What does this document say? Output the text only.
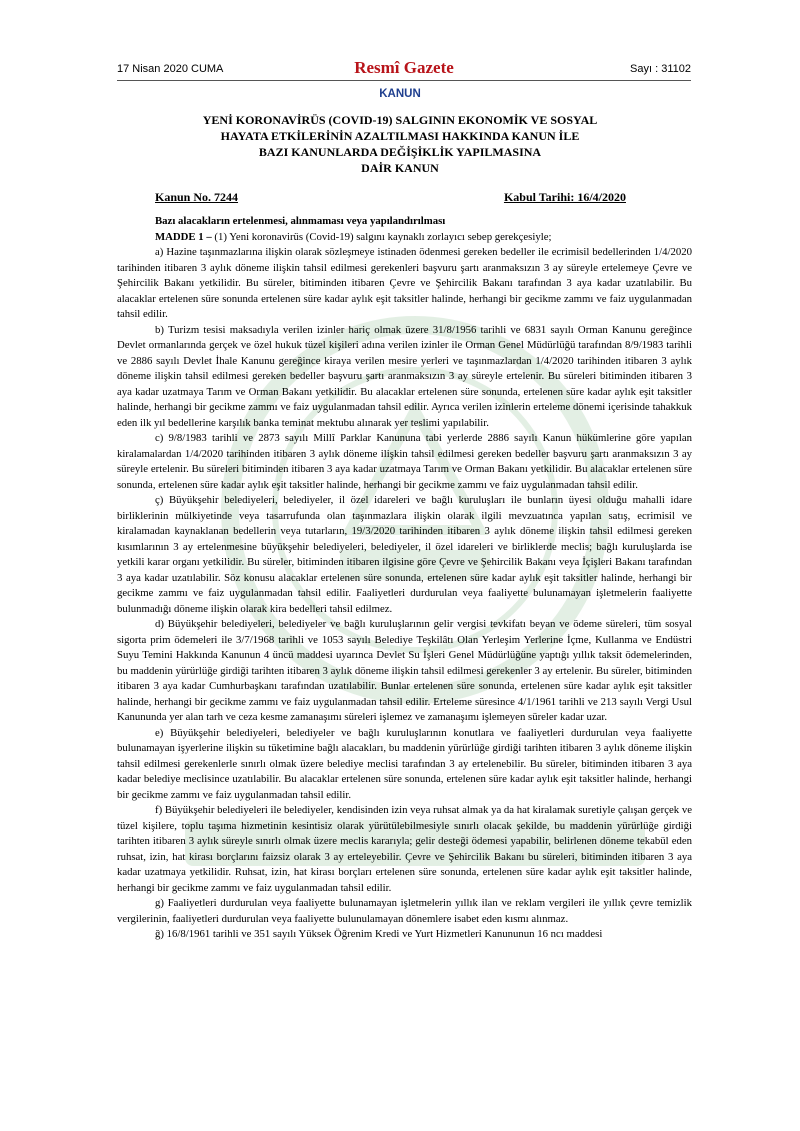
17 Nisan 2020 CUMA	Resmî Gazete	Sayı : 31102
KANUN
YENİ KORONAVİRÜS (COVID-19) SALGININ EKONOMİK VE SOSYAL
HAYATA ETKİLERİNİN AZALTILMASI HAKKINDA KANUN İLE
BAZI KANUNLARDA DEĞİŞİKLİK YAPILMASINA
DAİR KANUN
Kanun No. 7244	Kabul Tarihi: 16/4/2020

Bazı alacakların ertelenmesi, alınmaması veya yapılandırılması

MADDE 1 – (1) Yeni koronavirüs (Covid-19) salgını kaynaklı zorlayıcı sebep gerekçesiyle;

a) Hazine taşınmazlarına ilişkin olarak sözleşmeye istinaden ödenmesi gereken bedeller ile ecrimisil bedellerinden 1/4/2020 tarihinden itibaren 3 aylık döneme ilişkin tahsil edilmesi gerekenleri başvuru şartı aranmaksızın 3 ay süreyle ertelemeye Çevre ve Şehircilik Bakanı yetkilidir. Bu süreler, bitiminden itibaren Çevre ve Şehircilik Bakanı tarafından 3 aya kadar uzatılabilir. Bu alacaklar ertelenen süre sonunda ertelenen süre kadar aylık eşit taksitler halinde, herhangi bir gecikme zammı ve faiz uygulanmadan tahsil edilir.

b) Turizm tesisi maksadıyla verilen izinler hariç olmak üzere 31/8/1956 tarihli ve 6831 sayılı Orman Kanunu gereğince Devlet ormanlarında gerçek ve özel hukuk tüzel kişileri adına verilen izinler ile Orman Genel Müdürlüğü tarafından 8/9/1983 tarihli ve 2886 sayılı Devlet İhale Kanunu gereğince kiraya verilen mesire yerleri ve taşınmazlardan 1/4/2020 tarihinden itibaren 3 aylık döneme ilişkin tahsil edilmesi gereken bedeller başvuru şartı aranmaksızın 3 ay süreyle ertelenir. Bu süreleri bitiminden itibaren 3 aya kadar uzatmaya Tarım ve Orman Bakanı yetkilidir. Bu alacaklar ertelenen süre sonunda, ertelenen süre kadar aylık eşit taksitler halinde, herhangi bir gecikme zammı ve faiz uygulanmadan tahsil edilir. Ayrıca verilen izinlerin erteleme dönemi içerisinde tahakkuk eden ilk yıl bedellerine karşılık banka teminat mektubu alınarak yer teslimi yapılabilir.

c) 9/8/1983 tarihli ve 2873 sayılı Millî Parklar Kanununa tabi yerlerde 2886 sayılı Kanun hükümlerine göre yapılan kiralamalardan 1/4/2020 tarihinden itibaren 3 aylık döneme ilişkin tahsil edilmesi gereken bedeller başvuru şartı aranmaksızın 3 ay süreyle ertelenir. Bu süreleri bitiminden itibaren 3 aya kadar uzatmaya Tarım ve Orman Bakanı yetkilidir. Bu alacaklar ertelenen süre sonunda, ertelenen süre kadar aylık eşit taksitler halinde, herhangi bir gecikme zammı ve faiz uygulanmadan tahsil edilir.

ç) Büyükşehir belediyeleri, belediyeler, il özel idareleri ve bağlı kuruluşları ile bunların üyesi olduğu mahalli idare birliklerinin mülkiyetinde veya tasarrufunda olan taşınmazlara ilişkin olarak ilgili mevzuatınca yapılan satış, ecrimisil ve kiralamadan kaynaklanan bedellerin veya tutarların, 19/3/2020 tarihinden itibaren 3 aylık döneme ilişkin tahsil edilmesi gereken kısımlarının 3 ay ertelenmesine büyükşehir belediyeleri, belediyeler, il özel idareleri ve birliklerde meclis; bağlı kuruluşlarda ise yetkili karar organı yetkilidir. Bu süreler, bitiminden itibaren ilgisine göre Çevre ve Şehircilik Bakanı veya İçişleri Bakanı tarafından 3 aya kadar uzatılabilir. Söz konusu alacaklar ertelenen süre sonunda, ertelenen süre kadar aylık eşit taksitler halinde, herhangi bir gecikme zammı ve faiz uygulanmadan tahsil edilir. Faaliyetleri durdurulan veya faaliyette bulunamayan işletmelerin faaliyette bulunmadığı döneme ilişkin olarak kira bedelleri tahsil edilmez.

d) Büyükşehir belediyeleri, belediyeler ve bağlı kuruluşlarının gelir vergisi tevkifatı beyan ve ödeme süreleri, tüm sosyal sigorta prim ödemeleri ile 3/7/1968 tarihli ve 1053 sayılı Belediye Teşkilâtı Olan Yerleşim Yerlerine İçme, Kullanma ve Endüstri Suyu Temini Hakkında Kanunun 4 üncü maddesi uyarınca Devlet Su İşleri Genel Müdürlüğüne yaptığı yıllık taksit ödemelerinden, bu maddenin yürürlüğe girdiği tarihten itibaren 3 aylık döneme ilişkin tahsil edilmesi gerekenler 3 ay ertelenir. Bu süreler, bitiminden itibaren 3 aya kadar Cumhurbaşkanı tarafından uzatılabilir. Bunlar ertelenen süre sonunda, ertelenen süre kadar aylık eşit taksitler halinde, herhangi bir gecikme zammı ve faiz uygulanmadan tahsil edilir. Erteleme süresince 4/1/1961 tarihli ve 213 sayılı Vergi Usul Kanununda yer alan tarh ve ceza kesme zamanaşımı süreleri işlemez ve zamanaşımı işlemeyen süreler kadar uzar.

e) Büyükşehir belediyeleri, belediyeler ve bağlı kuruluşlarının konutlara ve faaliyetleri durdurulan veya faaliyette bulunamayan işyerlerine ilişkin su tüketimine bağlı alacakları, bu maddenin yürürlüğe girdiği tarihten itibaren 3 aylık döneme ilişkin tahsil edilmesi gerekenlerle sınırlı olmak üzere belediye meclisi tarafından 3 ay ertelenebilir. Bu süreler, bitiminden itibaren 3 aya kadar belediye meclisince uzatılabilir. Bu alacaklar ertelenen süre sonunda, ertelenen süre kadar aylık eşit taksitler halinde, herhangi bir gecikme zammı ve faiz uygulanmadan tahsil edilir.

f) Büyükşehir belediyeleri ile belediyeler, kendisinden izin veya ruhsat almak ya da hat kiralamak suretiyle çalışan gerçek ve tüzel kişilere, toplu taşıma hizmetinin kesintisiz olarak yürütülebilmesiyle sınırlı olacak şekilde, bu maddenin yürürlüğe girdiği tarihten itibaren 3 aylık süreyle sınırlı olmak üzere meclis kararıyla; gelir desteği ödemesi yapabilir, belirlenen döneme tekabül eden ruhsat, izin, hat kirası borçlarını faizsiz olarak 3 ay erteleyebilir. Çevre ve Şehircilik Bakanı bu süreleri, bitiminden itibaren 3 aya kadar uzatmaya yetkilidir. Ruhsat, izin, hat kirası borçları ertelenen süre sonunda, ertelenen süre kadar aylık eşit taksitler halinde, herhangi bir gecikme zammı ve faiz uygulanmadan tahsil edilir.

g) Faaliyetleri durdurulan veya faaliyette bulunamayan işletmelerin yıllık ilan ve reklam vergileri ile yıllık çevre temizlik vergilerinin, faaliyetleri durdurulan veya faaliyette bulunulamayan dönemlere isabet eden kısmı alınmaz.

ğ) 16/8/1961 tarihli ve 351 sayılı Yüksek Öğrenim Kredi ve Yurt Hizmetleri Kanununun 16 ncı maddesi
